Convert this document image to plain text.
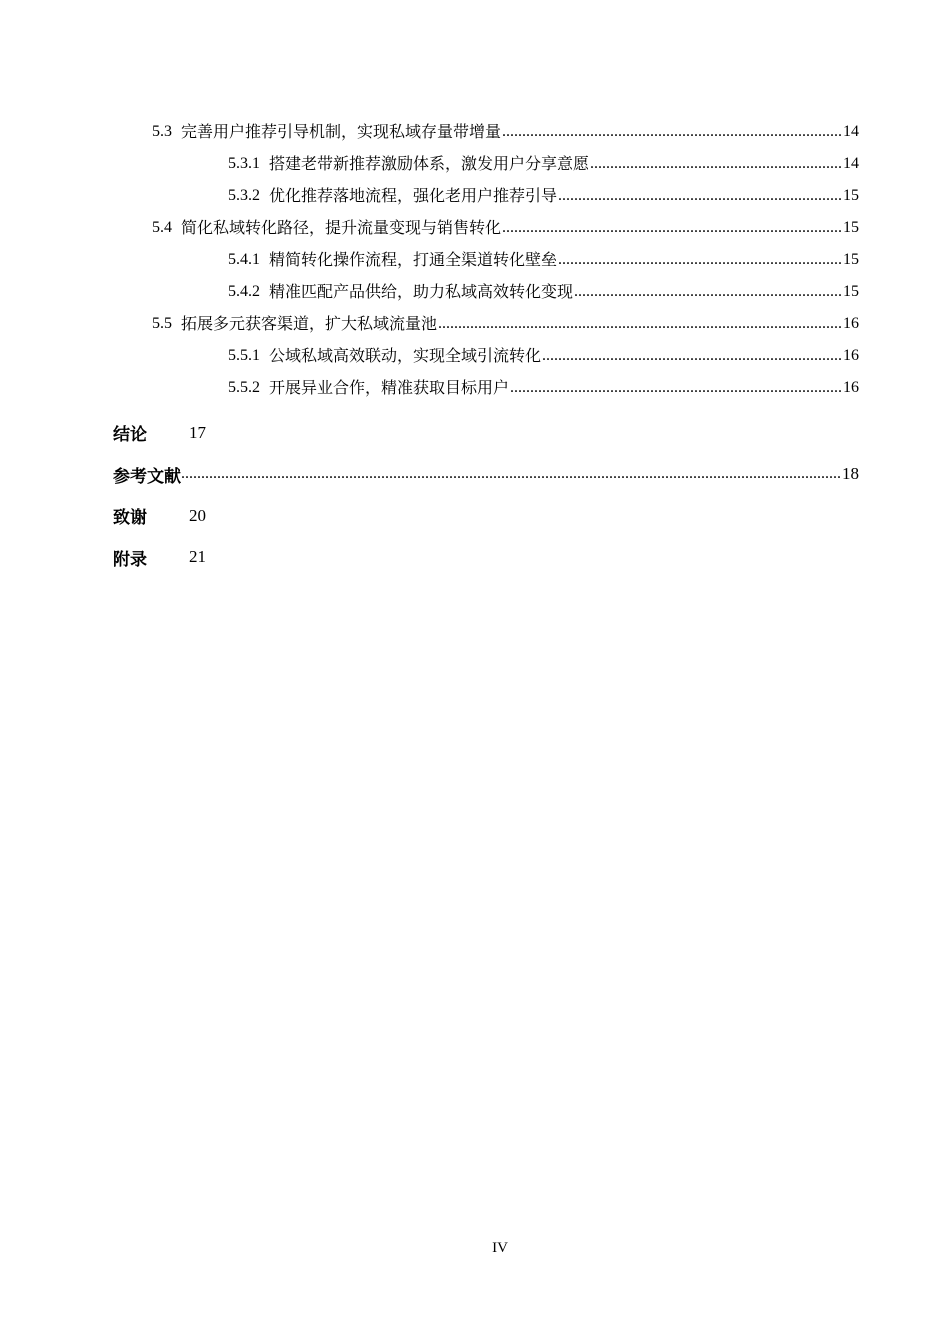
5.3 完善用户推荐引导机制，实现私域存量带增量 .....	14
5.3.1 搭建老带新推荐激励体系，激发用户分享意愿 .....	14
5.3.2 优化推荐落地流程，强化老用户推荐引导 .....	15
5.4 简化私域转化路径，提升流量变现与销售转化 .....	15
5.4.1 精简转化操作流程，打通全渠道转化壁垒 .....	15
5.4.2 精准匹配产品供给，助力私域高效转化变现 .....	15
5.5 拓展多元获客渠道，扩大私域流量池 .....	16
5.5.1 公域私域高效联动，实现全域引流转化 .....	16
5.5.2 开展异业合作，精准获取目标用户 .....	16
结论	17
参考文献 .....	18
致谢	20
附录	21
IV
